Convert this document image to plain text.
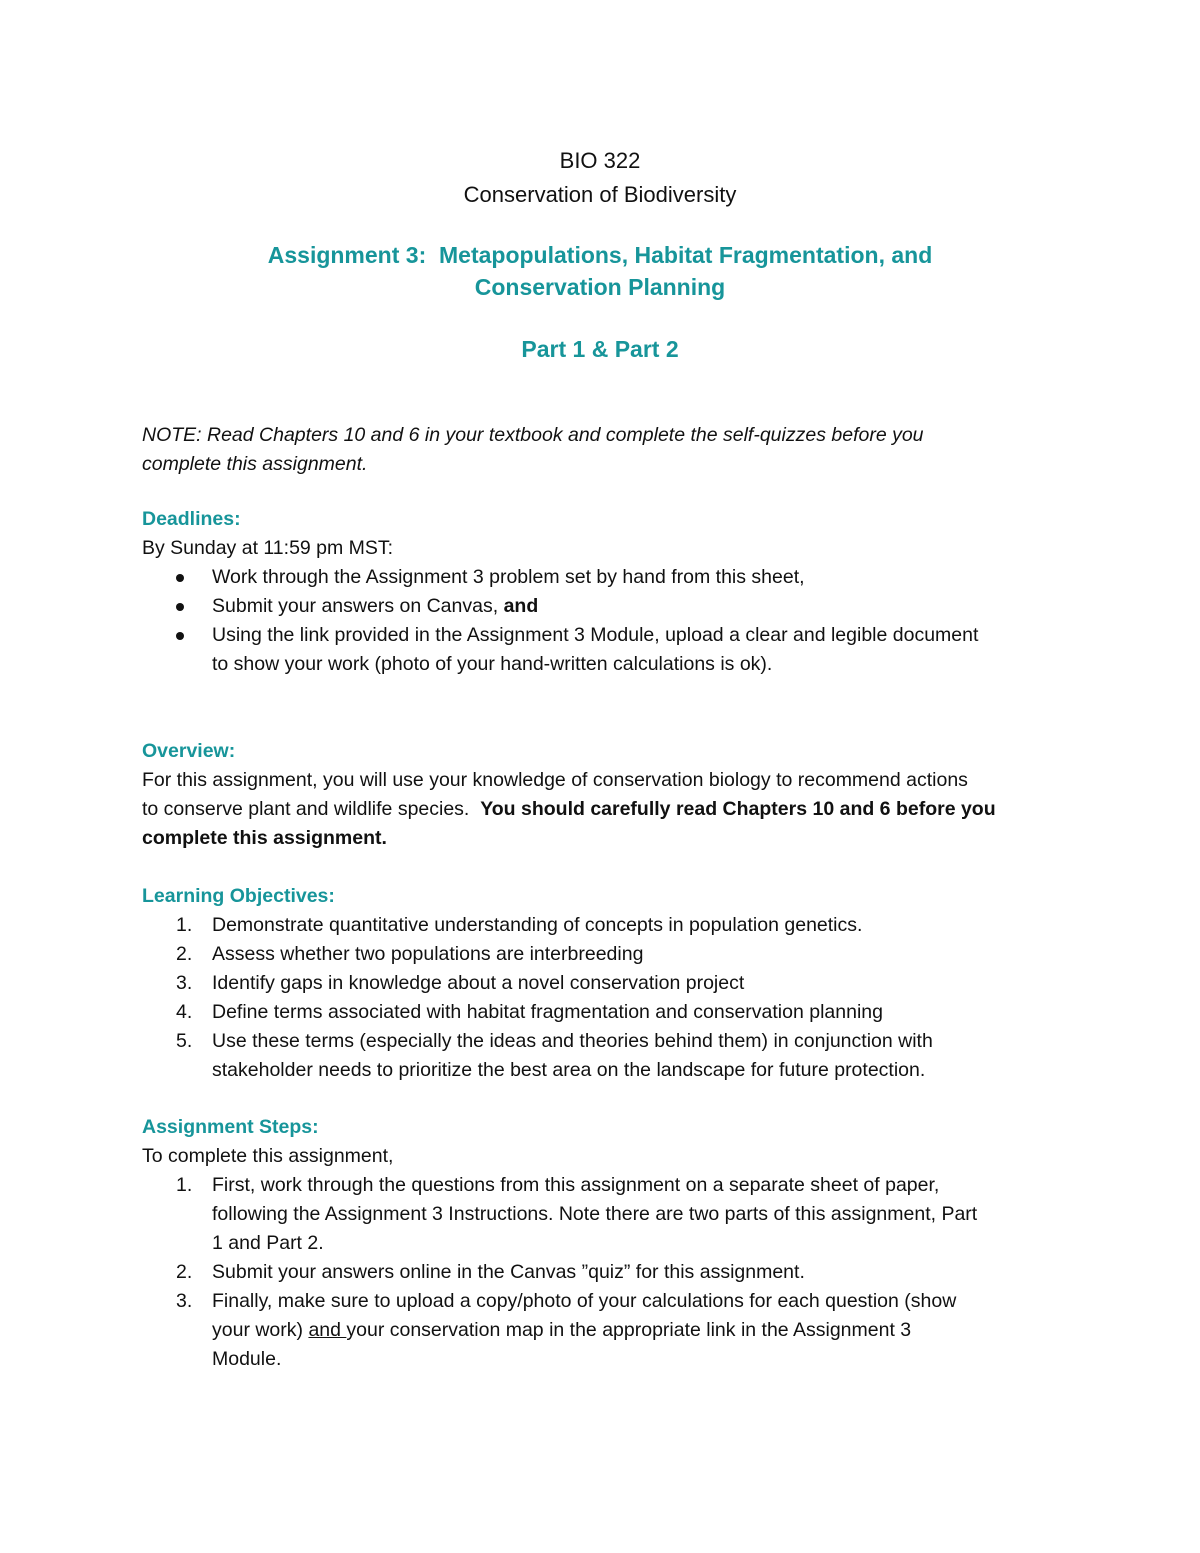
BIO 322
Conservation of Biodiversity
Assignment 3:  Metapopulations, Habitat Fragmentation, and
Conservation Planning
Part 1 & Part 2
NOTE: Read Chapters 10 and 6 in your textbook and complete the self-quizzes before you
complete this assignment.
Deadlines:
By Sunday at 11:59 pm MST:
Work through the Assignment 3 problem set by hand from this sheet,
Submit your answers on Canvas, and
Using the link provided in the Assignment 3 Module, upload a clear and legible document
to show your work (photo of your hand-written calculations is ok).
Overview:
For this assignment, you will use your knowledge of conservation biology to recommend actions
to conserve plant and wildlife species.  You should carefully read Chapters 10 and 6 before you
complete this assignment.
Learning Objectives:
1.	Demonstrate quantitative understanding of concepts in population genetics.
2.	Assess whether two populations are interbreeding
3.	Identify gaps in knowledge about a novel conservation project
4.	Define terms associated with habitat fragmentation and conservation planning
5.	Use these terms (especially the ideas and theories behind them) in conjunction with
stakeholder needs to prioritize the best area on the landscape for future protection.
Assignment Steps:
To complete this assignment,
1.	First, work through the questions from this assignment on a separate sheet of paper,
following the Assignment 3 Instructions. Note there are two parts of this assignment, Part
1 and Part 2.
2.	Submit your answers online in the Canvas ”quiz” for this assignment.
3.	Finally, make sure to upload a copy/photo of your calculations for each question (show
your work) and your conservation map in the appropriate link in the Assignment 3
Module.
